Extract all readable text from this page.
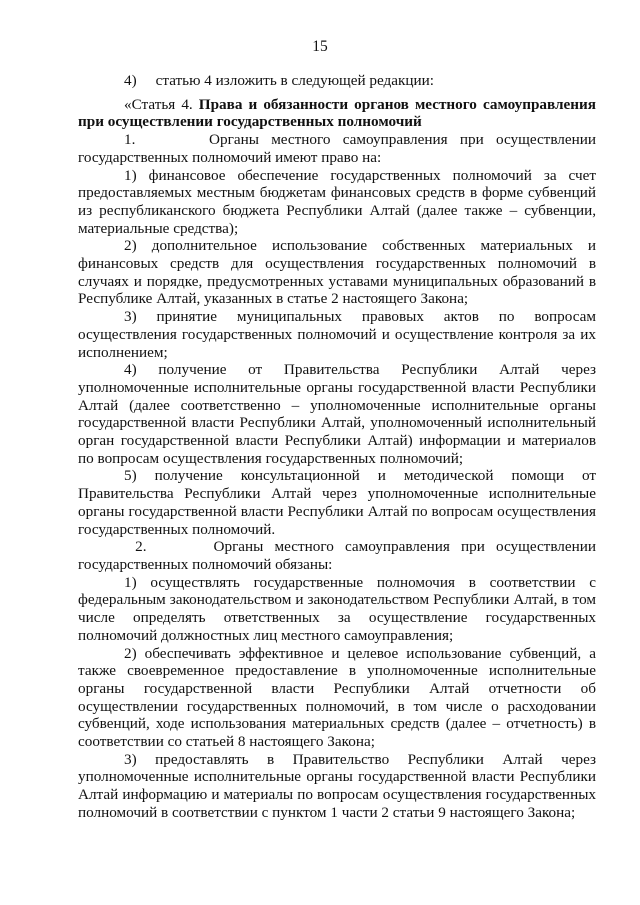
15

4)     статью 4 изложить в следующей редакции:

«Статья 4. Права и обязанности органов местного самоуправления при осуществлении государственных полномочий

1.      Органы местного самоуправления при осуществлении государственных полномочий имеют право на:

1) финансовое обеспечение государственных полномочий за счет предоставляемых местным бюджетам финансовых средств в форме субвенций из республиканского бюджета Республики Алтай (далее также – субвенции, материальные средства);

2) дополнительное использование собственных материальных и финансовых средств для осуществления государственных полномочий в случаях и порядке, предусмотренных уставами муниципальных образований в Республике Алтай, указанных в статье 2 настоящего Закона;

3) принятие муниципальных правовых актов по вопросам осуществления государственных полномочий и осуществление контроля за их исполнением;

4) получение от Правительства Республики Алтай через уполномоченные исполнительные органы государственной власти Республики Алтай (далее соответственно – уполномоченные исполнительные органы государственной власти Республики Алтай, уполномоченный исполнительный орган государственной власти Республики Алтай) информации и материалов по вопросам осуществления государственных полномочий;

5) получение консультационной и методической помощи от Правительства Республики Алтай через уполномоченные исполнительные органы государственной власти Республики Алтай по вопросам осуществления государственных полномочий.

2.      Органы местного самоуправления при осуществлении государственных полномочий обязаны:

1) осуществлять государственные полномочия в соответствии с федеральным законодательством и законодательством Республики Алтай, в том числе определять ответственных за осуществление государственных полномочий должностных лиц местного самоуправления;

2) обеспечивать эффективное и целевое использование субвенций, а также своевременное предоставление в уполномоченные исполнительные органы государственной власти Республики Алтай отчетности об осуществлении государственных полномочий, в том числе о расходовании субвенций, ходе использования материальных средств (далее – отчетность) в соответствии со статьей 8 настоящего Закона;

3) предоставлять в Правительство Республики Алтай через уполномоченные исполнительные органы государственной власти Республики Алтай информацию и материалы по вопросам осуществления государственных полномочий в соответствии с пунктом 1 части 2 статьи 9 настоящего Закона;
